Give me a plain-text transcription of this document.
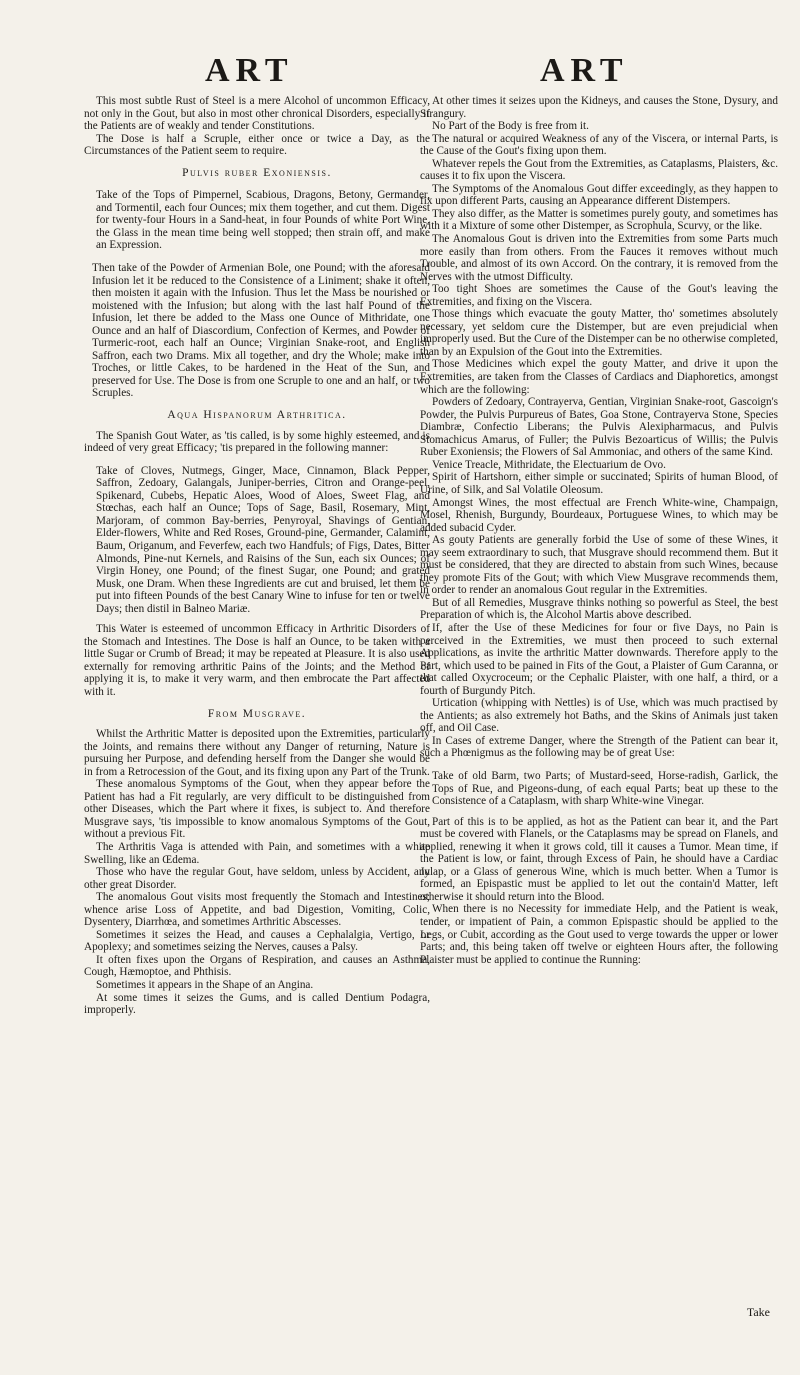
ART	ART

This most subtle Rust of Steel is a mere Alcohol of uncommon Efficacy, not only in the Gout, but also in most other chronical Disorders, especially if the Patients are of weakly and tender Constitutions.

The Dose is half a Scruple, either once or twice a Day, as the Circumstances of the Patient seem to require.

Pulvis ruber Exoniensis.

Take of the Tops of Pimpernel, Scabious, Dragons, Betony, Germander, and Tormentil, each four Ounces; mix them together, and cut them. Digest for twenty-four Hours in a Sand-heat, in four Pounds of white Port Wine, the Glass in the mean time being well stopped; then strain off, and make an Expression.

Then take of the Powder of Armenian Bole, one Pound; with the aforesaid Infusion let it be reduced to the Consistence of a Liniment; shake it often, then moisten it again with the Infusion. Thus let the Mass be nourished or moistened with the Infusion; but along with the last half Pound of the Infusion, let there be added to the Mass one Ounce of Mithridate, one Ounce and an half of Diascordium, Confection of Kermes, and Powder of Turmeric-root, each half an Ounce; Virginian Snake-root, and English Saffron, each two Drams. Mix all together, and dry the Whole; make into Troches, or little Cakes, to be hardened in the Heat of the Sun, and preserved for Use. The Dose is from one Scruple to one and an half, or two Scruples.

Aqua Hispanorum Arthritica.

The Spanish Gout Water, as 'tis called, is by some highly esteemed, and is indeed of very great Efficacy; 'tis prepared in the following manner:

Take of Cloves, Nutmegs, Ginger, Mace, Cinnamon, Black Pepper, Saffron, Zedoary, Galangals, Juniper-berries, Citron and Orange-peel, Spikenard, Cubebs, Hepatic Aloes, Wood of Aloes, Sweet Flag, and Stœchas, each half an Ounce; Tops of Sage, Basil, Rosemary, Mint, Marjoram, of common Bay-berries, Penyroyal, Shavings of Gentian, Elder-flowers, White and Red Roses, Ground-pine, Germander, Calamint, Baum, Origanum, and Feverfew, each two Handfuls; of Figs, Dates, Bitter Almonds, Pine-nut Kernels, and Raisins of the Sun, each six Ounces; of Virgin Honey, one Pound; of the finest Sugar, one Pound; and grated Musk, one Dram. When these Ingredients are cut and bruised, let them be put into fifteen Pounds of the best Canary Wine to infuse for ten or twelve Days; then distil in Balneo Mariæ.

This Water is esteemed of uncommon Efficacy in Arthritic Disorders of the Stomach and Intestines. The Dose is half an Ounce, to be taken with a little Sugar or Crumb of Bread; it may be repeated at Pleasure. It is also used externally for removing arthritic Pains of the Joints; and the Method of applying it is, to make it very warm, and then embrocate the Part affected with it.

From Musgrave.

Whilst the Arthritic Matter is deposited upon the Extremities, particularly the Joints, and remains there without any Danger of returning, Nature is pursuing her Purpose, and defending herself from the Danger she would be in from a Retrocession of the Gout, and its fixing upon any Part of the Trunk.

These anomalous Symptoms of the Gout, when they appear before the Patient has had a Fit regularly, are very difficult to be distinguished from other Diseases, which the Part where it fixes, is subject to. And therefore Musgrave says, 'tis impossible to know anomalous Symptoms of the Gout, without a previous Fit.

The Arthritis Vaga is attended with Pain, and sometimes with a white Swelling, like an Œdema.

Those who have the regular Gout, have seldom, unless by Accident, any other great Disorder.

The anomalous Gout visits most frequently the Stomach and Intestines; whence arise Loss of Appetite, and bad Digestion, Vomiting, Colic, Dysentery, Diarrhœa, and sometimes Arthritic Abscesses.

Sometimes it seizes the Head, and causes a Cephalalgia, Vertigo, or Apoplexy; and sometimes seizing the Nerves, causes a Palsy.

It often fixes upon the Organs of Respiration, and causes an Asthma, Cough, Hæmoptoe, and Phthisis.

Sometimes it appears in the Shape of an Angina.

At some times it seizes the Gums, and is called Dentium Podagra, improperly.

At other times it seizes upon the Kidneys, and causes the Stone, Dysury, and Strangury.

No Part of the Body is free from it.

The natural or acquired Weakness of any of the Viscera, or internal Parts, is the Cause of the Gout's fixing upon them.

Whatever repels the Gout from the Extremities, as Cataplasms, Plaisters, &c. causes it to fix upon the Viscera.

The Symptoms of the Anomalous Gout differ exceedingly, as they happen to fix upon different Parts, causing an Appearance different Distempers.

They also differ, as the Matter is sometimes purely gouty, and sometimes has with it a Mixture of some other Distemper, as Scrophula, Scurvy, or the like.

The Anomalous Gout is driven into the Extremities from some Parts much more easily than from others. From the Fauces it removes without much Trouble, and almost of its own Accord. On the contrary, it is removed from the Nerves with the utmost Difficulty.

Too tight Shoes are sometimes the Cause of the Gout's leaving the Extremities, and fixing on the Viscera.

Those things which evacuate the gouty Matter, tho' sometimes absolutely necessary, yet seldom cure the Distemper, but are even prejudicial when improperly used. But the Cure of the Distemper can be no otherwise completed, than by an Expulsion of the Gout into the Extremities.

Those Medicines which expel the gouty Matter, and drive it upon the Extremities, are taken from the Classes of Cardiacs and Diaphoretics, amongst which are the following:

Powders of Zedoary, Contrayerva, Gentian, Virginian Snake-root, Gascoign's Powder, the Pulvis Purpureus of Bates, Goa Stone, Contrayerva Stone, Species Diambræ, Confectio Liberans; the Pulvis Alexipharmacus, and Pulvis Stomachicus Amarus, of Fuller; the Pulvis Bezoarticus of Willis; the Pulvis Ruber Exoniensis; the Flowers of Sal Ammoniac, and others of the same Kind.

Venice Treacle, Mithridate, the Electuarium de Ovo.

Spirit of Hartshorn, either simple or succinated; Spirits of human Blood, of Urine, of Silk, and Sal Volatile Oleosum.

Amongst Wines, the most effectual are French White-wine, Champaign, Mosel, Rhenish, Burgundy, Bourdeaux, Portuguese Wines, to which may be added subacid Cyder.

As gouty Patients are generally forbid the Use of some of these Wines, it may seem extraordinary to such, that Musgrave should recommend them. But it must be considered, that they are directed to abstain from such Wines, because they promote Fits of the Gout; with which View Musgrave recommends them, in order to render an anomalous Gout regular in the Extremities.

But of all Remedies, Musgrave thinks nothing so powerful as Steel, the best Preparation of which is, the Alcohol Martis above described.

If, after the Use of these Medicines for four or five Days, no Pain is perceived in the Extremities, we must then proceed to such external Applications, as invite the arthritic Matter downwards. Therefore apply to the Part, which used to be pained in Fits of the Gout, a Plaister of Gum Caranna, or that called Oxycroceum; or the Cephalic Plaister, with one half, a third, or a fourth of Burgundy Pitch.

Urtication (whipping with Nettles) is of Use, which was much practised by the Antients; as also extremely hot Baths, and the Skins of Animals just taken off, and Oil Case.

In Cases of extreme Danger, where the Strength of the Patient can bear it, such a Phœnigmus as the following may be of great Use:

Take of old Barm, two Parts; of Mustard-seed, Horse-radish, Garlick, the Tops of Rue, and Pigeons-dung, of each equal Parts; beat up these to the Consistence of a Cataplasm, with sharp White-wine Vinegar.

Part of this is to be applied, as hot as the Patient can bear it, and the Part must be covered with Flanels, or the Cataplasms may be spread on Flanels, and applied, renewing it when it grows cold, till it causes a Tumor. Mean time, if the Patient is low, or faint, through Excess of Pain, he should have a Cardiac Julap, or a Glass of generous Wine, which is much better. When a Tumor is formed, an Epispastic must be applied to let out the contain'd Matter, left otherwise it should return into the Blood.

When there is no Necessity for immediate Help, and the Patient is weak, tender, or impatient of Pain, a common Epispastic should be applied to the Legs, or Cubit, according as the Gout used to verge towards the upper or lower Parts; and, this being taken off twelve or eighteen Hours after, the following Plaister must be applied to continue the Running:

Take
